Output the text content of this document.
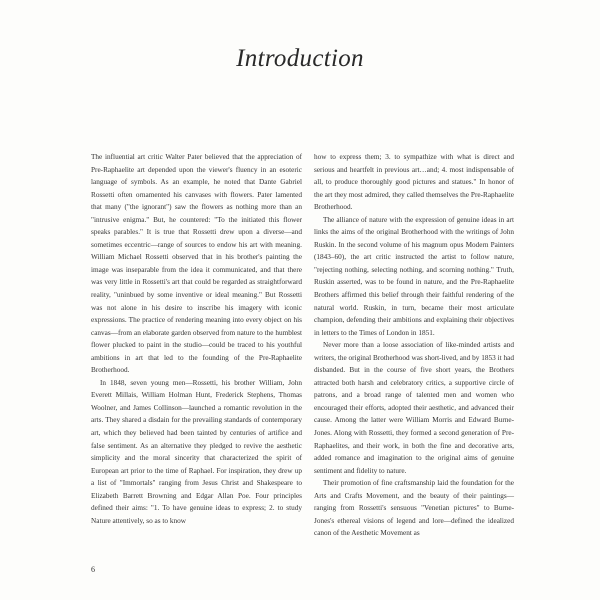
Introduction

The influential art critic Walter Pater believed that the appreciation of Pre-Raphaelite art depended upon the viewer's fluency in an esoteric language of symbols. As an example, he noted that Dante Gabriel Rossetti often ornamented his canvases with flowers. Pater lamented that many ("the ignorant") saw the flowers as nothing more than an "intrusive enigma." But, he countered: "To the initiated this flower speaks parables." It is true that Rossetti drew upon a diverse—and sometimes eccentric—range of sources to endow his art with meaning. William Michael Rossetti observed that in his brother's painting the image was inseparable from the idea it communicated, and that there was very little in Rossetti's art that could be regarded as straightforward reality, "uninbued by some inventive or ideal meaning." But Rossetti was not alone in his desire to inscribe his imagery with iconic expressions. The practice of rendering meaning into every object on his canvas—from an elaborate garden observed from nature to the humblest flower plucked to paint in the studio—could be traced to his youthful ambitions in art that led to the founding of the Pre-Raphaelite Brotherhood.

In 1848, seven young men—Rossetti, his brother William, John Everett Millais, William Holman Hunt, Frederick Stephens, Thomas Woolner, and James Collinson—launched a romantic revolution in the arts. They shared a disdain for the prevailing standards of contemporary art, which they believed had been tainted by centuries of artifice and false sentiment. As an alternative they pledged to revive the aesthetic simplicity and the moral sincerity that characterized the spirit of European art prior to the time of Raphael. For inspiration, they drew up a list of "Immortals" ranging from Jesus Christ and Shakespeare to Elizabeth Barrett Browning and Edgar Allan Poe. Four principles defined their aims: "1. To have genuine ideas to express; 2. to study Nature attentively, so as to know

how to express them; 3. to sympathize with what is direct and serious and heartfelt in previous art…and; 4. most indispensable of all, to produce thoroughly good pictures and statues." In honor of the art they most admired, they called themselves the Pre-Raphaelite Brotherhood.

The alliance of nature with the expression of genuine ideas in art links the aims of the original Brotherhood with the writings of John Ruskin. In the second volume of his magnum opus Modern Painters (1843–60), the art critic instructed the artist to follow nature, "rejecting nothing, selecting nothing, and scorning nothing." Truth, Ruskin asserted, was to be found in nature, and the Pre-Raphaelite Brothers affirmed this belief through their faithful rendering of the natural world. Ruskin, in turn, became their most articulate champion, defending their ambitions and explaining their objectives in letters to the Times of London in 1851.

Never more than a loose association of like-minded artists and writers, the original Brotherhood was short-lived, and by 1853 it had disbanded. But in the course of five short years, the Brothers attracted both harsh and celebratory critics, a supportive circle of patrons, and a broad range of talented men and women who encouraged their efforts, adopted their aesthetic, and advanced their cause. Among the latter were William Morris and Edward Burne-Jones. Along with Rossetti, they formed a second generation of Pre-Raphaelites, and their work, in both the fine and decorative arts, added romance and imagination to the original aims of genuine sentiment and fidelity to nature.

Their promotion of fine craftsmanship laid the foundation for the Arts and Crafts Movement, and the beauty of their paintings—ranging from Rossetti's sensuous "Venetian pictures" to Burne-Jones's ethereal visions of legend and lore—defined the idealized canon of the Aesthetic Movement as

6
